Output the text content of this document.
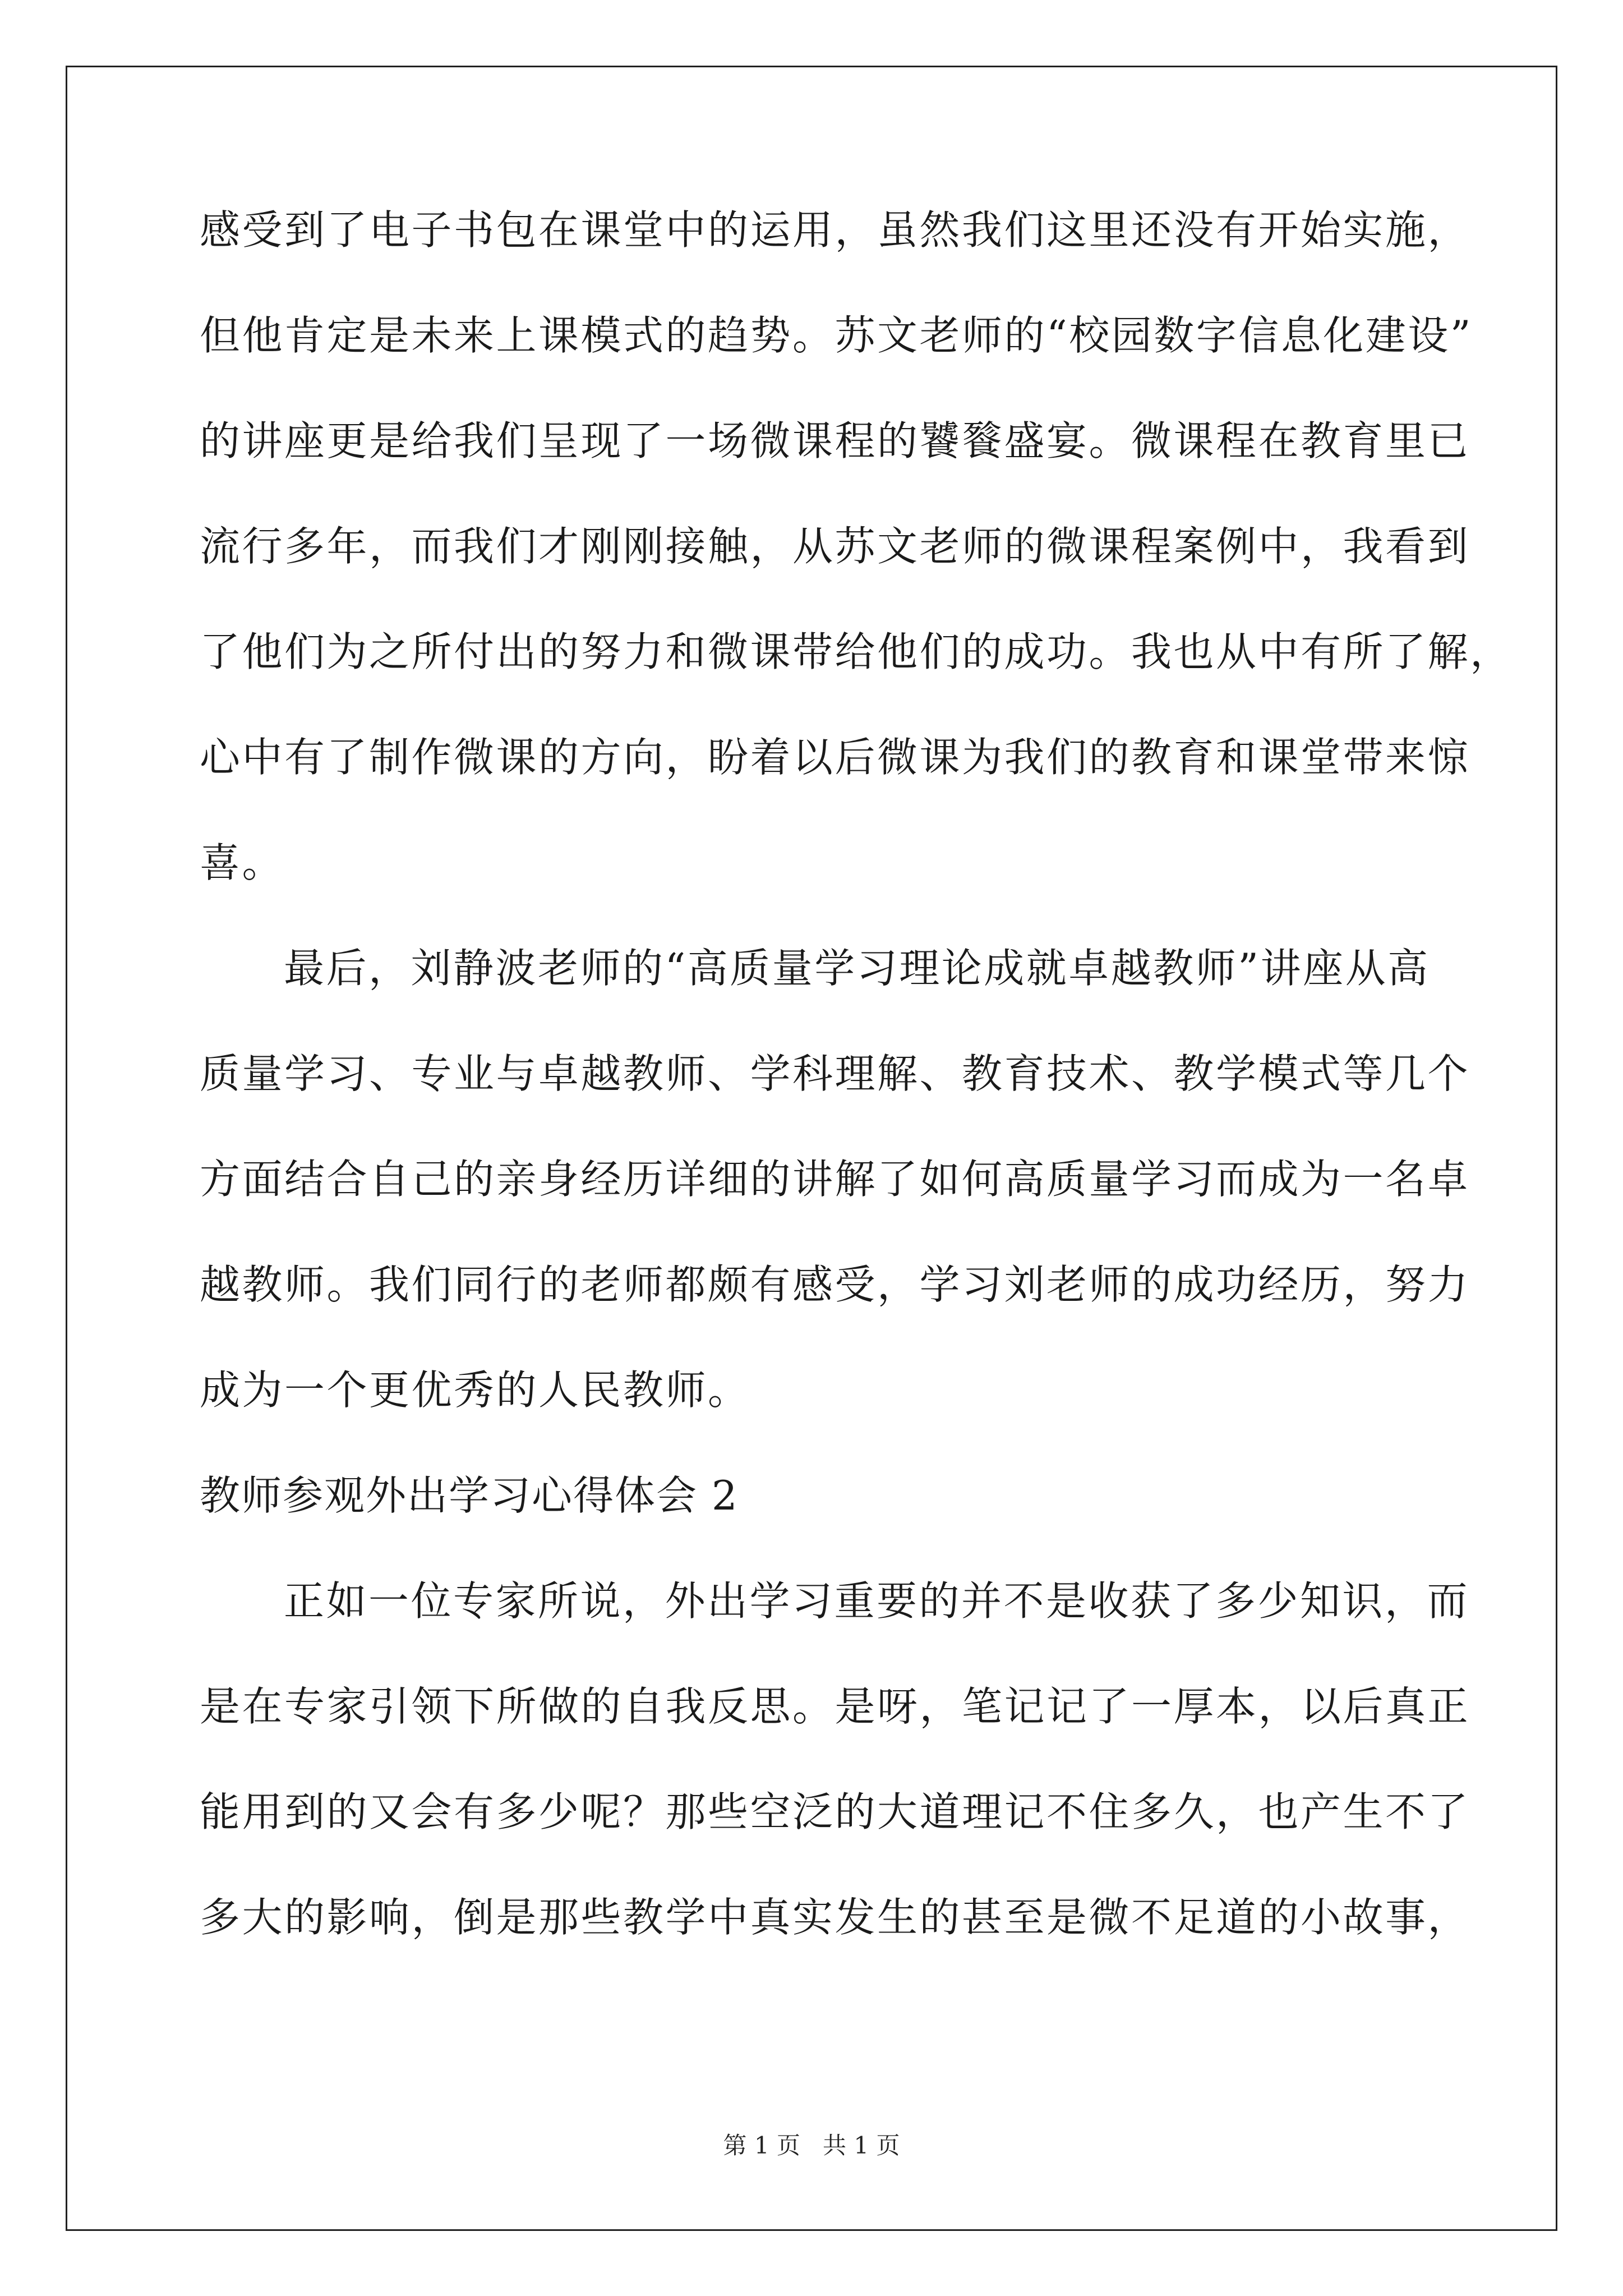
感受到了电子书包在课堂中的运用，虽然我们这里还没有开始实施，
但他肯定是未来上课模式的趋势。苏文老师的“校园数字信息化建设”
的讲座更是给我们呈现了一场微课程的饕餮盛宴。微课程在教育里已
流行多年，而我们才刚刚接触，从苏文老师的微课程案例中，我看到
了他们为之所付出的努力和微课带给他们的成功。我也从中有所了解，
心中有了制作微课的方向，盼着以后微课为我们的教育和课堂带来惊
喜。
最后，刘静波老师的“高质量学习理论成就卓越教师”讲座从高
质量学习、专业与卓越教师、学科理解、教育技术、教学模式等几个
方面结合自己的亲身经历详细的讲解了如何高质量学习而成为一名卓
越教师。我们同行的老师都颇有感受，学习刘老师的成功经历，努力
成为一个更优秀的人民教师。
教师参观外出学习心得体会 2
正如一位专家所说，外出学习重要的并不是收获了多少知识，而
是在专家引领下所做的自我反思。是呀，笔记记了一厚本，以后真正
能用到的又会有多少呢？那些空泛的大道理记不住多久，也产生不了
多大的影响，倒是那些教学中真实发生的甚至是微不足道的小故事，
第 1 页   共 1 页
